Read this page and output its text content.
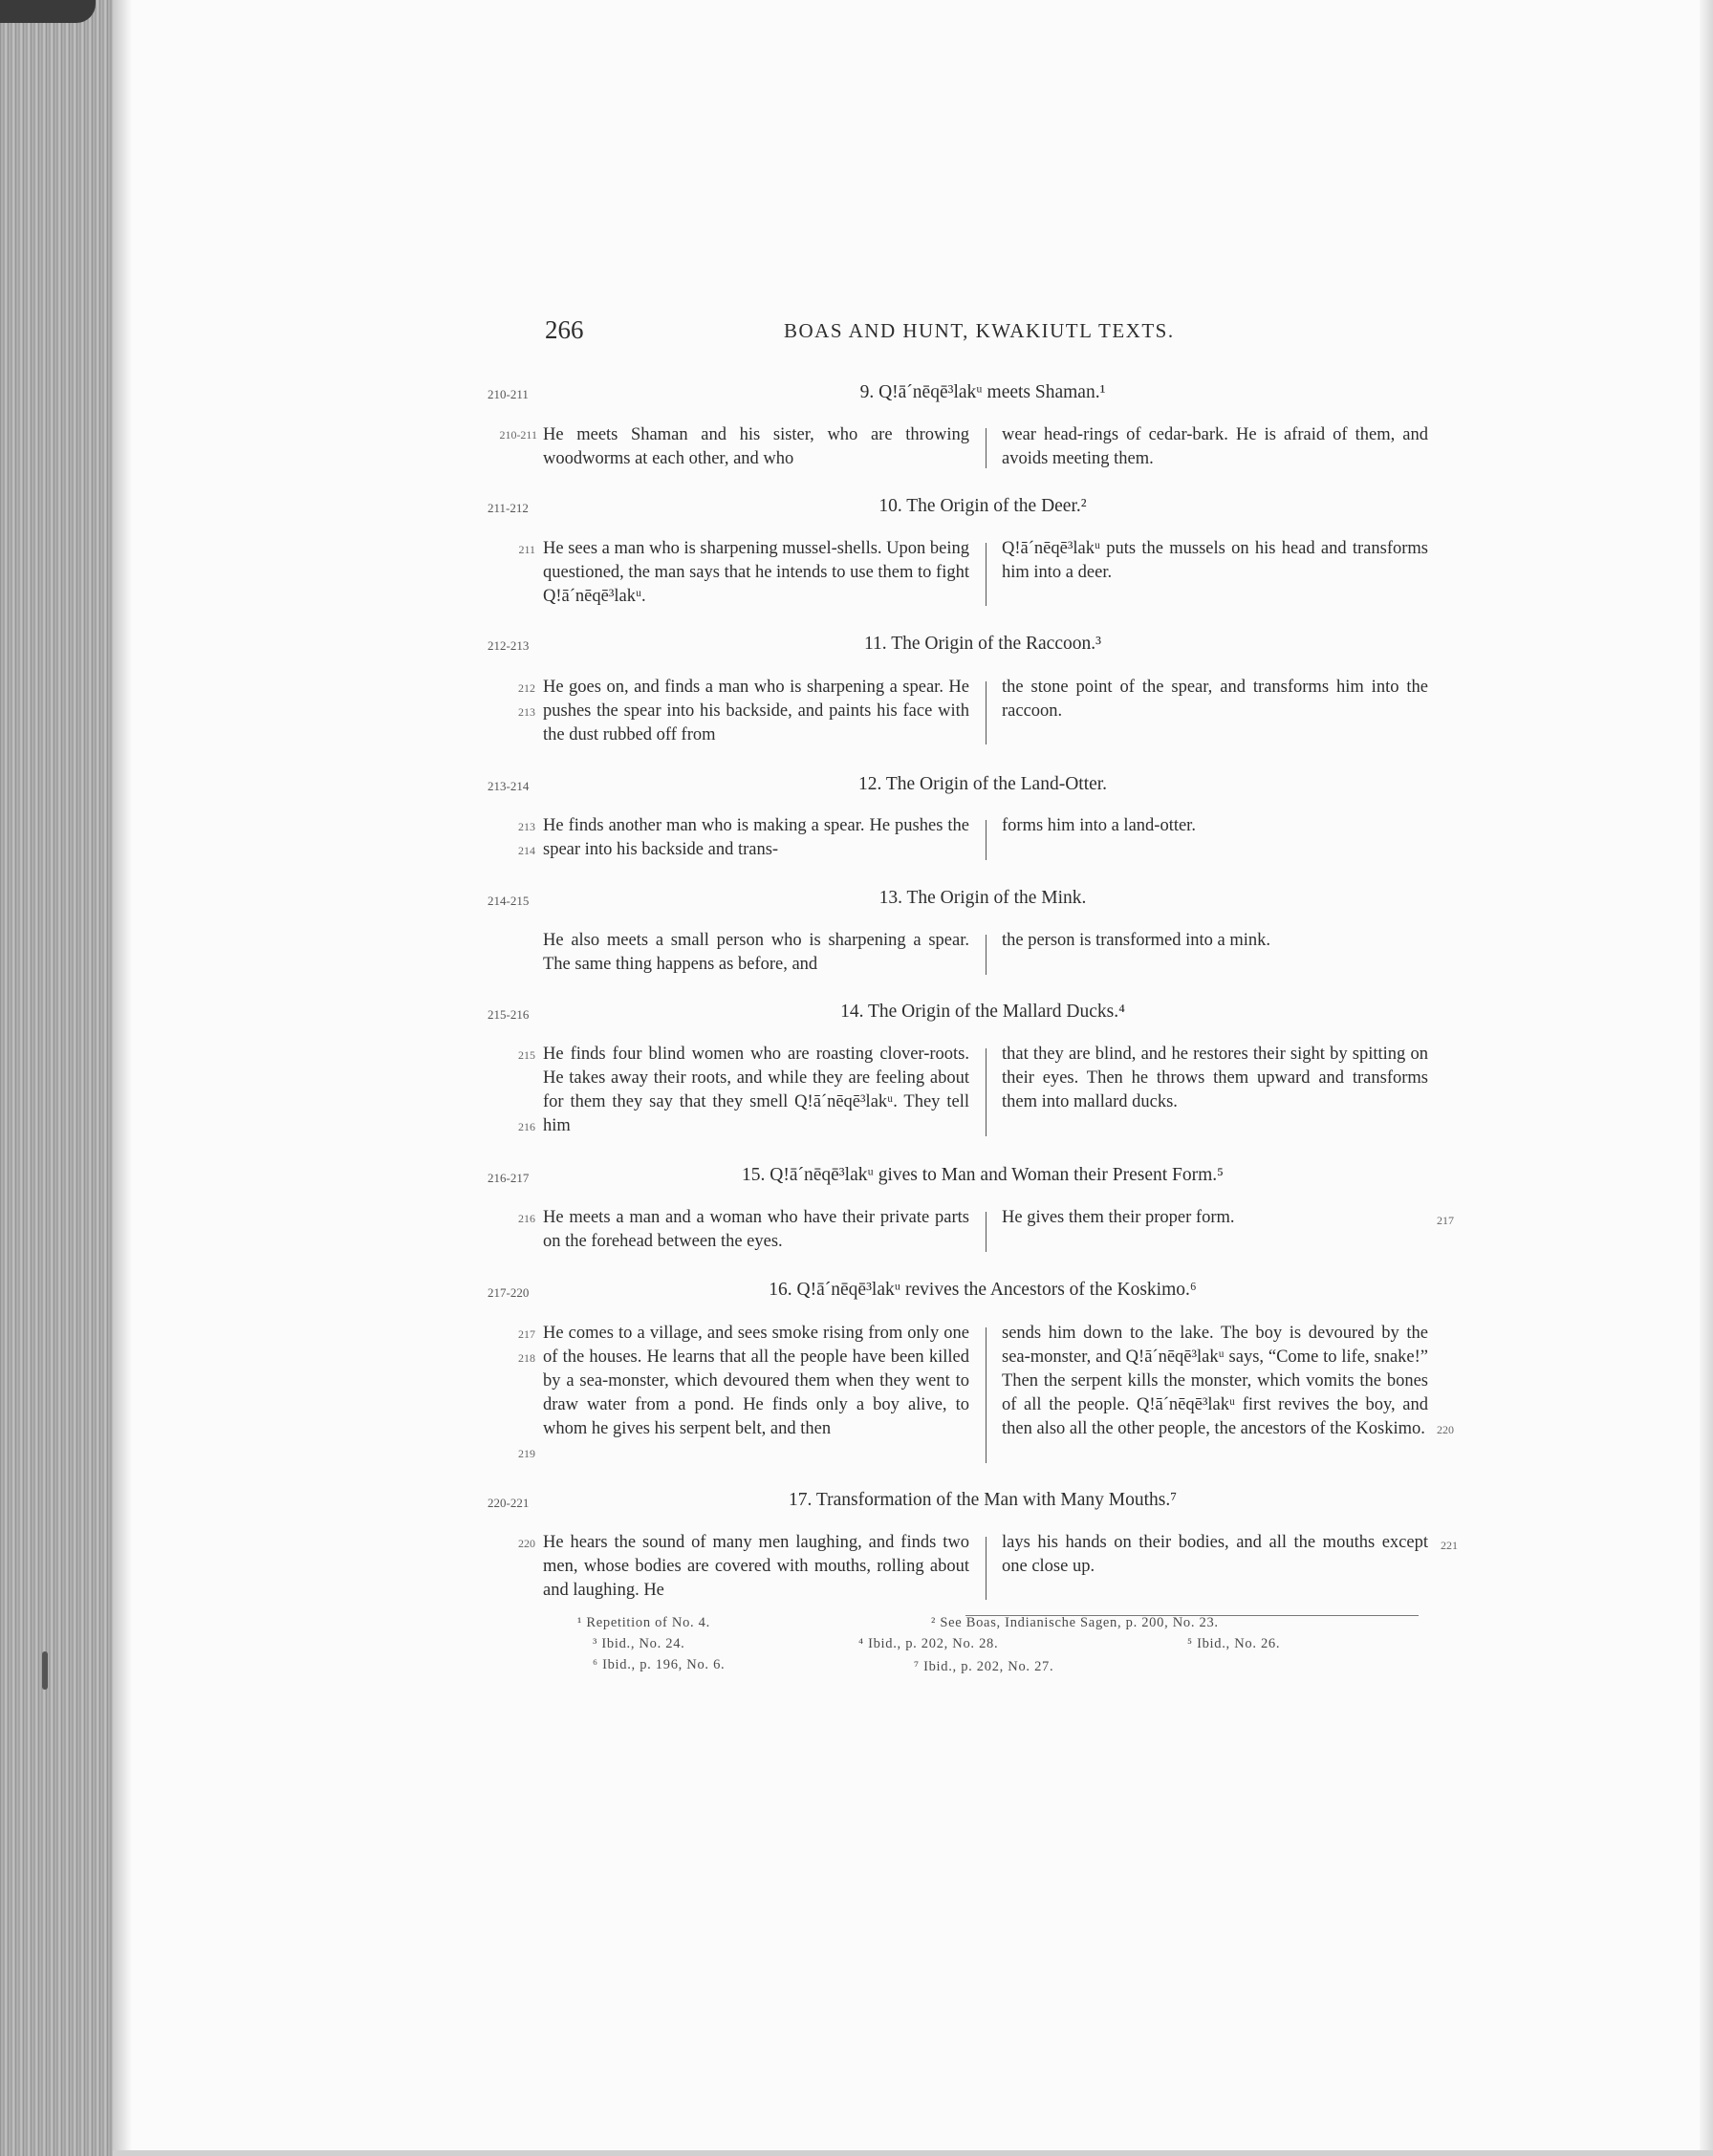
266	BOAS AND HUNT, KWAKIUTL TEXTS.
210-211	9. Q!ā´nēqē³lakᵘ meets Shaman.¹
210-211 He meets Shaman and his sister, who are throwing woodworms at each other, and who
wear head-rings of cedar-bark. He is afraid of them, and avoids meeting them.
211-212	10. The Origin of the Deer.²
211 He sees a man who is sharpening mussel-shells. Upon being questioned, the man says that he intends to use them to fight Q!ā´nēqē³lakᵘ.
Q!ā´nēqē³lakᵘ puts the mussels on his head and transforms him into a deer.
212-213	11. The Origin of the Raccoon.³
212
213
He goes on, and finds a man who is sharpening a spear. He pushes the spear into his backside, and paints his face with the dust rubbed off from
the stone point of the spear, and transforms him into the raccoon.
213-214	12. The Origin of the Land-Otter.
213
214
He finds another man who is making a spear. He pushes the spear into his backside and trans-
forms him into a land-otter.
214-215	13. The Origin of the Mink.
He also meets a small person who is sharpening a spear. The same thing happens as before, and
the person is transformed into a mink.
215-216	14. The Origin of the Mallard Ducks.⁴
215
216
He finds four blind women who are roasting clover-roots. He takes away their roots, and while they are feeling about for them they say that they smell Q!ā´nēqē³lakᵘ. They tell him
that they are blind, and he restores their sight by spitting on their eyes. Then he throws them upward and transforms them into mallard ducks.
216-217	15. Q!ā´nēqē³lakᵘ gives to Man and Woman their Present Form.⁵
216 He meets a man and a woman who have their private parts on the forehead between the eyes.
He gives them their proper form.	217
217-220	16. Q!ā´nēqē³lakᵘ revives the Ancestors of the Koskimo.⁶
217
218
219
He comes to a village, and sees smoke rising from only one of the houses. He learns that all the people have been killed by a sea-monster, which devoured them when they went to draw water from a pond. He finds only a boy alive, to whom he gives his serpent belt, and then
sends him down to the lake. The boy is devoured by the sea-monster, and Q!ā´nēqē³lakᵘ says, “Come to life, snake!” Then the serpent kills the monster, which vomits the bones of all the people. Q!ā´nēqē³lakᵘ first revives the boy, and then also all the other people, the ancestors of the Koskimo. 220
220-221	17. Transformation of the Man with Many Mouths.⁷
220 He hears the sound of many men laughing, and finds two men, whose bodies are covered with mouths, rolling about and laughing. He
lays his hands on their bodies, and all the mouths except one close up.
221
¹ Repetition of No. 4.	² See Boas, Indianische Sagen, p. 200, No. 23.
³ Ibid., No. 24.	⁴ Ibid., p. 202, No. 28.	⁵ Ibid., No. 26.
⁶ Ibid., p. 196, No. 6.	⁷ Ibid., p. 202, No. 27.
